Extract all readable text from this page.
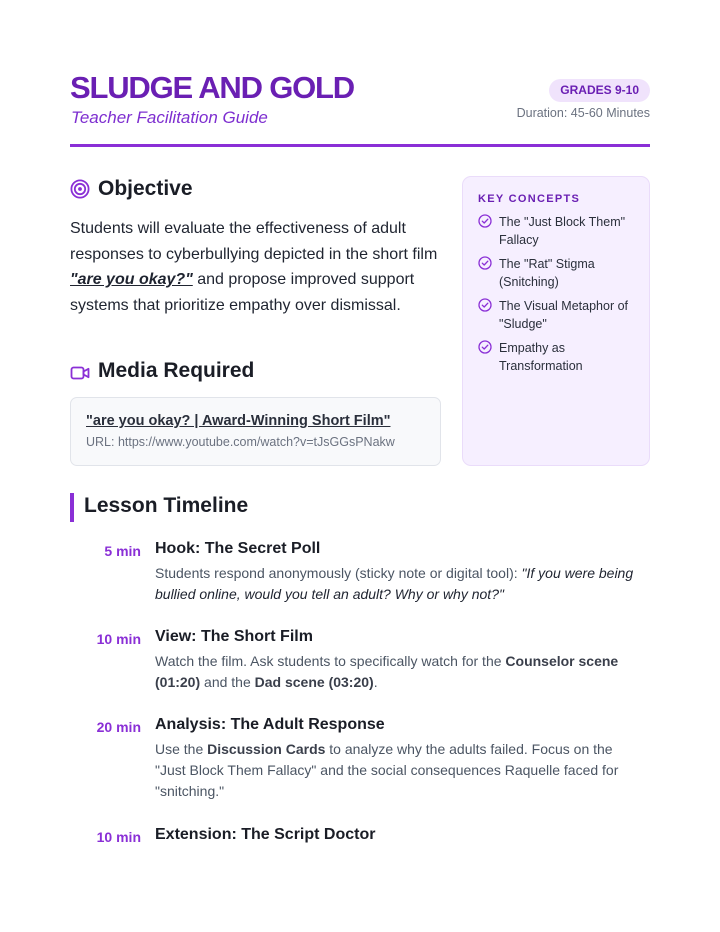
SLUDGE AND GOLD
Teacher Facilitation Guide
GRADES 9-10
Duration: 45-60 Minutes
Objective
Students will evaluate the effectiveness of adult responses to cyberbullying depicted in the short film "are you okay?" and propose improved support systems that prioritize empathy over dismissal.
Media Required
"are you okay? | Award-Winning Short Film"
URL: https://www.youtube.com/watch?v=tJsGGsPNakw
KEY CONCEPTS
The "Just Block Them" Fallacy
The "Rat" Stigma (Snitching)
The Visual Metaphor of "Sludge"
Empathy as Transformation
Lesson Timeline
5 min Hook: The Secret Poll
Students respond anonymously (sticky note or digital tool): "If you were being bullied online, would you tell an adult? Why or why not?"
10 min View: The Short Film
Watch the film. Ask students to specifically watch for the Counselor scene (01:20) and the Dad scene (03:20).
20 min Analysis: The Adult Response
Use the Discussion Cards to analyze why the adults failed. Focus on the "Just Block Them Fallacy" and the social consequences Raquelle faced for "snitching."
10 min Extension: The Script Doctor
